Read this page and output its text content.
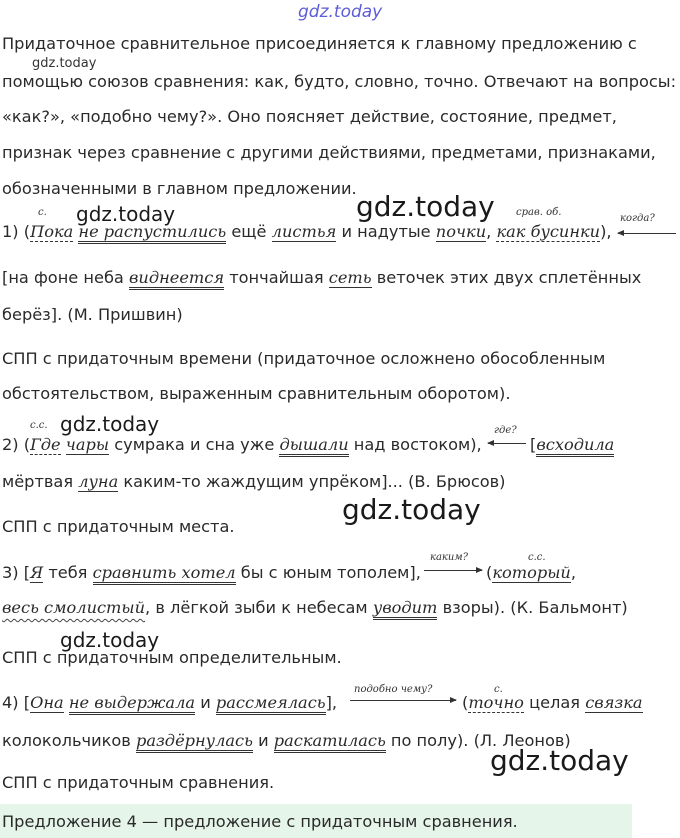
gdz.today
gdz.today
gdz.today	gdz.today
gdz.today
gdz.today
gdz.today
gdz.today
Придаточное сравнительное присоединяется к главному предложению с
помощью союзов сравнения: как, будто, словно, точно. Отвечают на вопросы:
«как?», «подобно чему?». Оно поясняет действие, состояние, предмет,
признак через сравнение с другими действиями, предметами, признаками,
обозначенными в главном предложении.
с.	срав. об.
когда?
1) (Пока не распустились ещё листья и надутые почки, как бусинки),
[на фоне неба виднеется тончайшая сеть веточек этих двух сплетённых
берёз]. (М. Пришвин)
СПП с придаточным времени (придаточное осложнено обособленным
обстоятельством, выраженным сравнительным оборотом).
с.с.	где?
2) (Где чары сумрака и сна уже дышали над востоком),	[всходила
мёртвая луна каким-то жаждущим упрёком]... (В. Брюсов)
СПП с придаточным места.
каким?	с.с.
3) [Я тебя сравнить хотел бы с юным тополем],	(который,
весь смолистый, в лёгкой зыби к небесам уводит взоры). (К. Бальмонт)
СПП с придаточным определительным.
подобно чему?	с.
4) [Она не выдержала и рассмеялась],	(точно целая связка
колокольчиков раздёрнулась и раскатилась по полу). (Л. Леонов)
СПП с придаточным сравнения.
Предложение 4 — предложение с придаточным сравнения.
